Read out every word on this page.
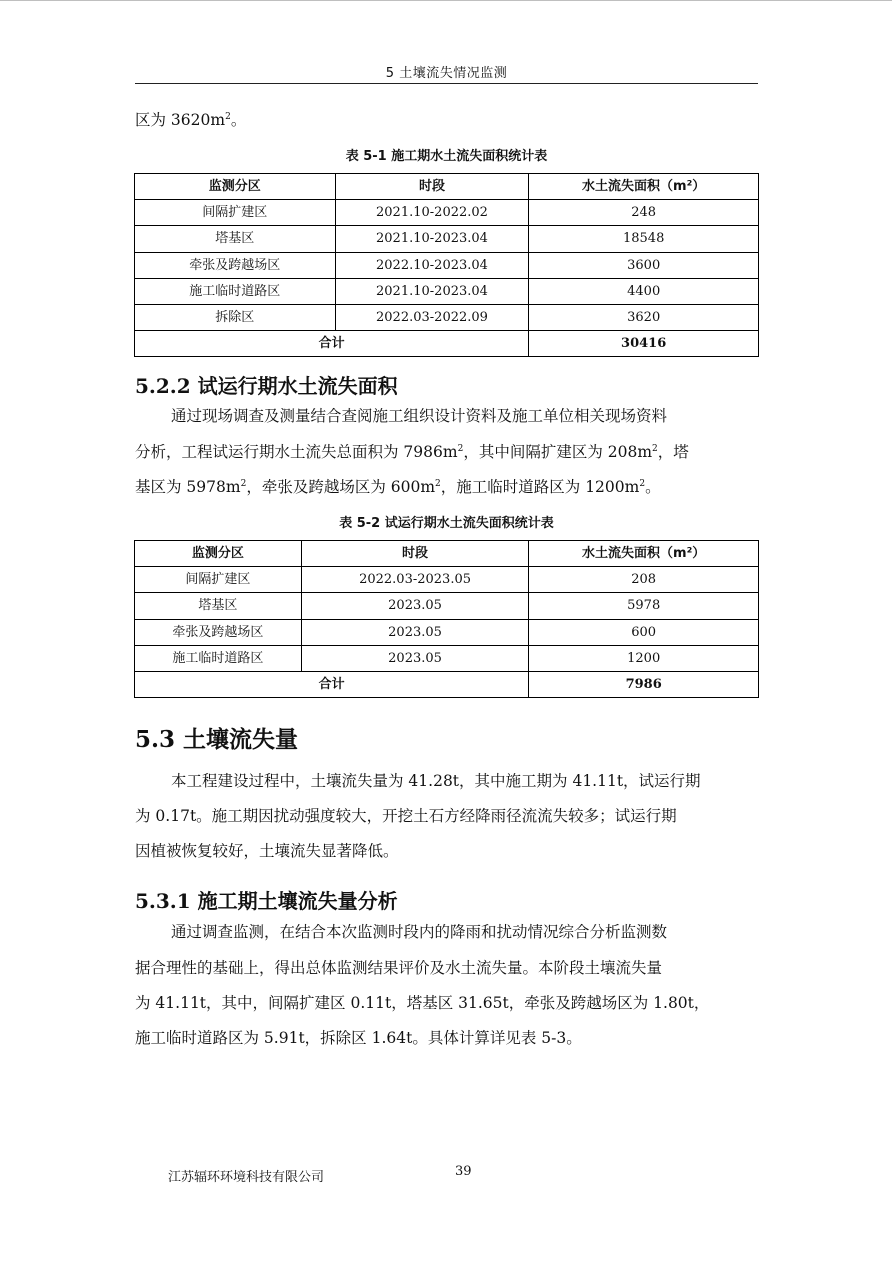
5 土壤流失情况监测
区为 $3620m^2$。
表 5-1 施工期水土流失面积统计表
监测分区	时段	水土流失面积（m²）
间隔扩建区	2021.10-2022.02	248
塔基区	2021.10-2023.04	18548
牵张及跨越场区	2022.10-2023.04	3600
施工临时道路区	2021.10-2023.04	4400
拆除区	2022.03-2022.09	3620
合计		30416
5.2.2 试运行期水土流失面积
通过现场调查及测量结合查阅施工组织设计资料及施工单位相关现场资料
分析，工程试运行期水土流失总面积为 $7986m^2$，其中间隔扩建区为 $208m^2$，塔
基区为 $5978m^2$，牵张及跨越场区为 $600m^2$，施工临时道路区为 $1200m^2$。
表 5-2 试运行期水土流失面积统计表
监测分区	时段	水土流失面积（m²）
间隔扩建区	2022.03-2023.05	208
塔基区	2023.05	5978
牵张及跨越场区	2023.05	600
施工临时道路区	2023.05	1200
合计		7986
5.3 土壤流失量
本工程建设过程中，土壤流失量为 41.28t，其中施工期为 41.11t，试运行期
为 0.17t。施工期因扰动强度较大，开挖土石方经降雨径流流失较多；试运行期
因植被恢复较好，土壤流失显著降低。
5.3.1 施工期土壤流失量分析
通过调查监测，在结合本次监测时段内的降雨和扰动情况综合分析监测数
据合理性的基础上，得出总体监测结果评价及水土流失量。本阶段土壤流失量
为 41.11t，其中，间隔扩建区 0.11t，塔基区 31.65t，牵张及跨越场区为 1.80t，
施工临时道路区为 5.91t，拆除区 1.64t。具体计算详见表 5-3。
江苏辐环环境科技有限公司	39
